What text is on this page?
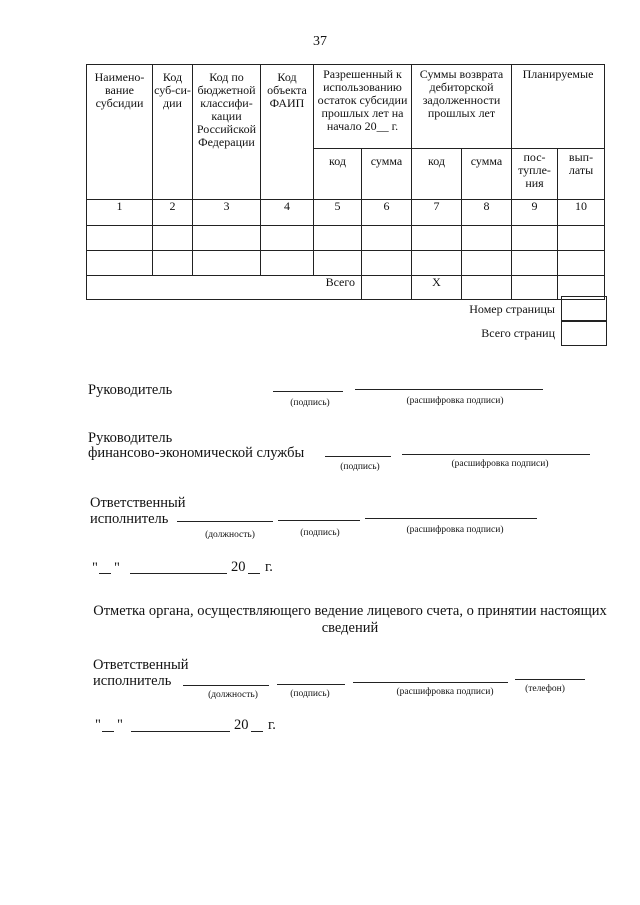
37
Наимено-вание субсидии	Код суб-си-дии	Код по бюджетной классифи-кации Российской Федерации	Код объекта ФАИП	Разрешенный к использованию остаток субсидии прошлых лет на начало 20__ г.		Суммы возврата дебиторской задолженности прошлых лет		Планируемые	
				код	сумма	код	сумма	пос-тупле-ния	вып-латы
1	2	3	4	5	6	7	8	9	10

Всего						Х			
Номер страницы
Всего страниц
Руководитель
(подпись)	(расшифровка подписи)
Руководитель
финансово-экономической службы
(подпись)	(расшифровка подписи)
Ответственный
исполнитель
(должность)	(подпись)	(расшифровка подписи)
" "	20 г.
Отметка органа, осуществляющего ведение лицевого счета, о принятии настоящих сведений
Ответственный
исполнитель
(должность)	(подпись)	(расшифровка подписи)	(телефон)
" "	20 г.
